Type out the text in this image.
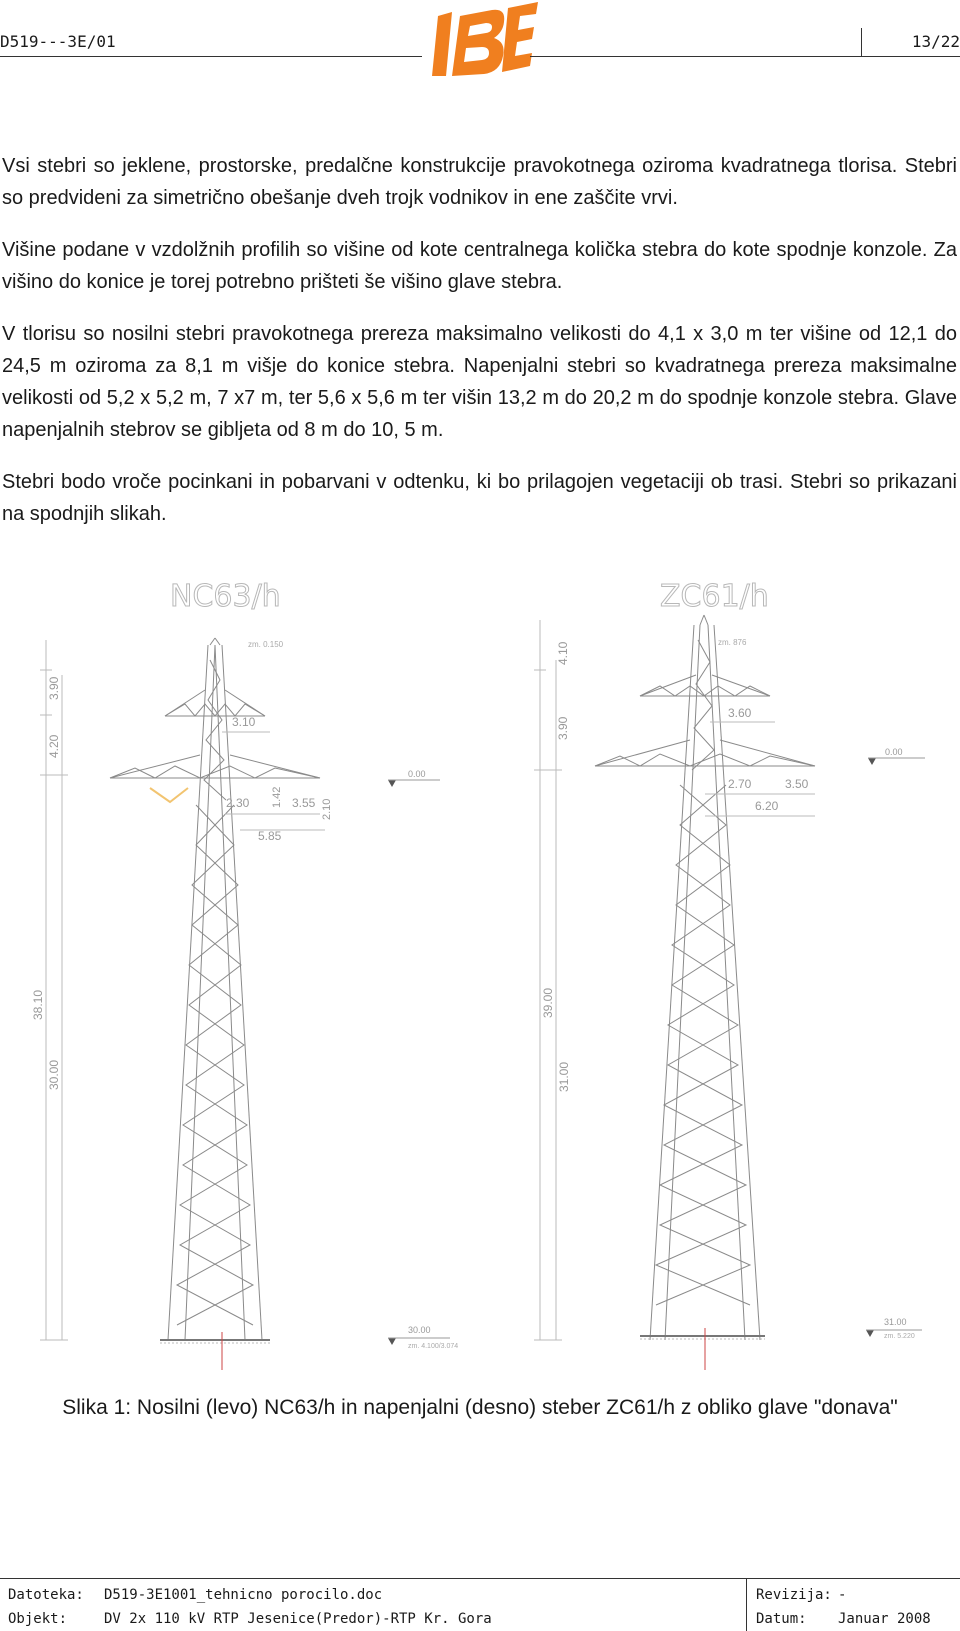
D519---3E/01	13/22

Vsi stebri so jeklene, prostorske, predalčne konstrukcije pravokotnega oziroma kvadratnega tlorisa. Stebri so predvideni za simetrično obešanje dveh trojk vodnikov in ene zaščite vrvi.

Višine podane v vzdolžnih profilih so višine od kote centralnega količka stebra do kote spodnje konzole. Za višino do konice je torej potrebno prišteti še višino glave stebra.

V tlorisu so nosilni stebri pravokotnega prereza maksimalno velikosti do 4,1 x 3,0 m ter višine od 12,1 do 24,5 m oziroma za 8,1 m višje do konice stebra. Napenjalni stebri so kvadratnega prereza maksimalne velikosti od 5,2 x 5,2 m, 7 x7 m, ter 5,6 x 5,6 m ter višin 13,2 m do 20,2 m do spodnje konzole stebra. Glave napenjalnih stebrov se gibljeta od 8 m do 10, 5 m.

Stebri bodo vroče pocinkani in pobarvani v odtenku, ki bo prilagojen vegetaciji ob trasi. Stebri so prikazani na spodnjih slikah.

NC63/h
3.90
4.20
38.10
30.00
3.10
2.30 1.42 3.55 2.10
5.85
zm. 0.150
0.00
30.00
zm. 4.100/3.074
ZC61/h
4.10
3.90
39.00
31.00
zm. 876
3.60
2.70	3.50
6.20
0.00
31.00
zm. 5.220
Slika 1: Nosilni (levo) NC63/h in napenjalni (desno) steber ZC61/h z obliko glave "donava"
Datoteka: D519-3E1001_tehnicno porocilo.doc
Objekt:	DV 2x 110 kV RTP Jesenice(Predor)-RTP Kr. Gora
Revizija: -
Datum: Januar 2008
